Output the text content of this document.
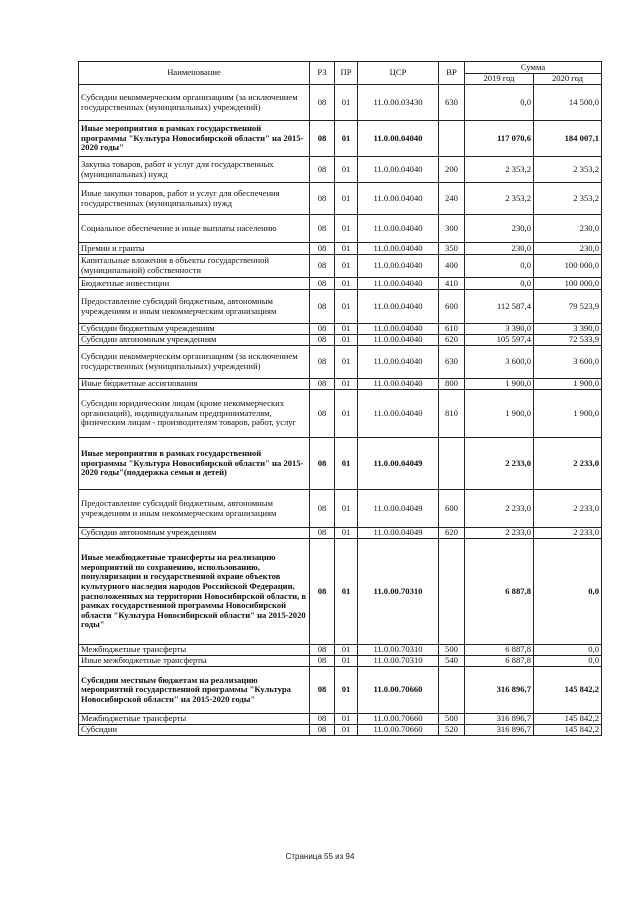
Наименование	РЗ	ПР	ЦСР	ВР	Сумма	
					2019 год	2020 год
Субсидии некоммерческим организациям (за исключением государственных (муниципальных) учреждений)	08	01	11.0.00.03430	630	0,0	14 500,0
Иные мероприятия в рамках государственной программы "Культура Новосибирской области" на 2015-2020 годы"	08	01	11.0.00.04040		117 070,6	184 007,1
Закупка товаров, работ и услуг для государственных (муниципальных) нужд	08	01	11.0.00.04040	200	2 353,2	2 353,2
Иные закупки товаров, работ и услуг для обеспечения государственных (муниципальных) нужд	08	01	11.0.00.04040	240	2 353,2	2 353,2
Социальное обеспечение и иные выплаты населению	08	01	11.0.00.04040	300	230,0	230,0
Премии и гранты	08	01	11.0.00.04040	350	230,0	230,0
Капитальные вложения в объекты государственной (муниципальной) собственности	08	01	11.0.00.04040	400	0,0	100 000,0
Бюджетные инвестиции	08	01	11.0.00.04040	410	0,0	100 000,0
Предоставление субсидий бюджетным, автономным учреждениям и иным некоммерческим организациям	08	01	11.0.00.04040	600	112 587,4	79 523,9
Субсидии бюджетным учреждениям	08	01	11.0.00.04040	610	3 390,0	3 390,0
Субсидии автономным учреждениям	08	01	11.0.00.04040	620	105 597,4	72 533,9
Субсидии некоммерческим организациям (за исключением государственных (муниципальных) учреждений)	08	01	11.0.00.04040	630	3 600,0	3 600,0
Иные бюджетные ассигнования	08	01	11.0.00.04040	800	1 900,0	1 900,0
Субсидии юридическим лицам (кроме некоммерческих организаций), индивидуальным предпринимателям, физическим лицам - производителям товаров, работ, услуг	08	01	11.0.00.04040	810	1 900,0	1 900,0
Иные мероприятия в рамках государственной программы "Культура Новосибирской области" на 2015-2020 годы"(поддержка семьи и детей)	08	01	11.0.00.04049		2 233,0	2 233,0
Предоставление субсидий бюджетным, автономным учреждениям и иным некоммерческим организациям	08	01	11.0.00.04049	600	2 233,0	2 233,0
Субсидии автономным учреждениям	08	01	11.0.00.04049	620	2 233,0	2 233,0
Иные межбюджетные трансферты на реализацию мероприятий по сохранению, использованию, популяризации и государственной охране объектов культурного наследия народов Российской Федерации, расположенных на территории Новосибирской области, в рамках государственной программы Новосибирской области "Культура Новосибирской области" на 2015-2020 годы"	08	01	11.0.00.70310		6 887,8	0,0
Межбюджетные трансферты	08	01	11.0.00.70310	500	6 887,8	0,0
Иные межбюджетные трансферты	08	01	11.0.00.70310	540	6 887,8	0,0
Субсидии местным бюджетам на реализацию мероприятий государственной программы "Культура Новосибирской области" на 2015-2020 годы"	08	01	11.0.00.70660		316 896,7	145 842,2
Межбюджетные трансферты	08	01	11.0.00.70660	500	316 896,7	145 842,2
Субсидии	08	01	11.0.00.70660	520	316 896,7	145 842,2
Страница 55 из 94
